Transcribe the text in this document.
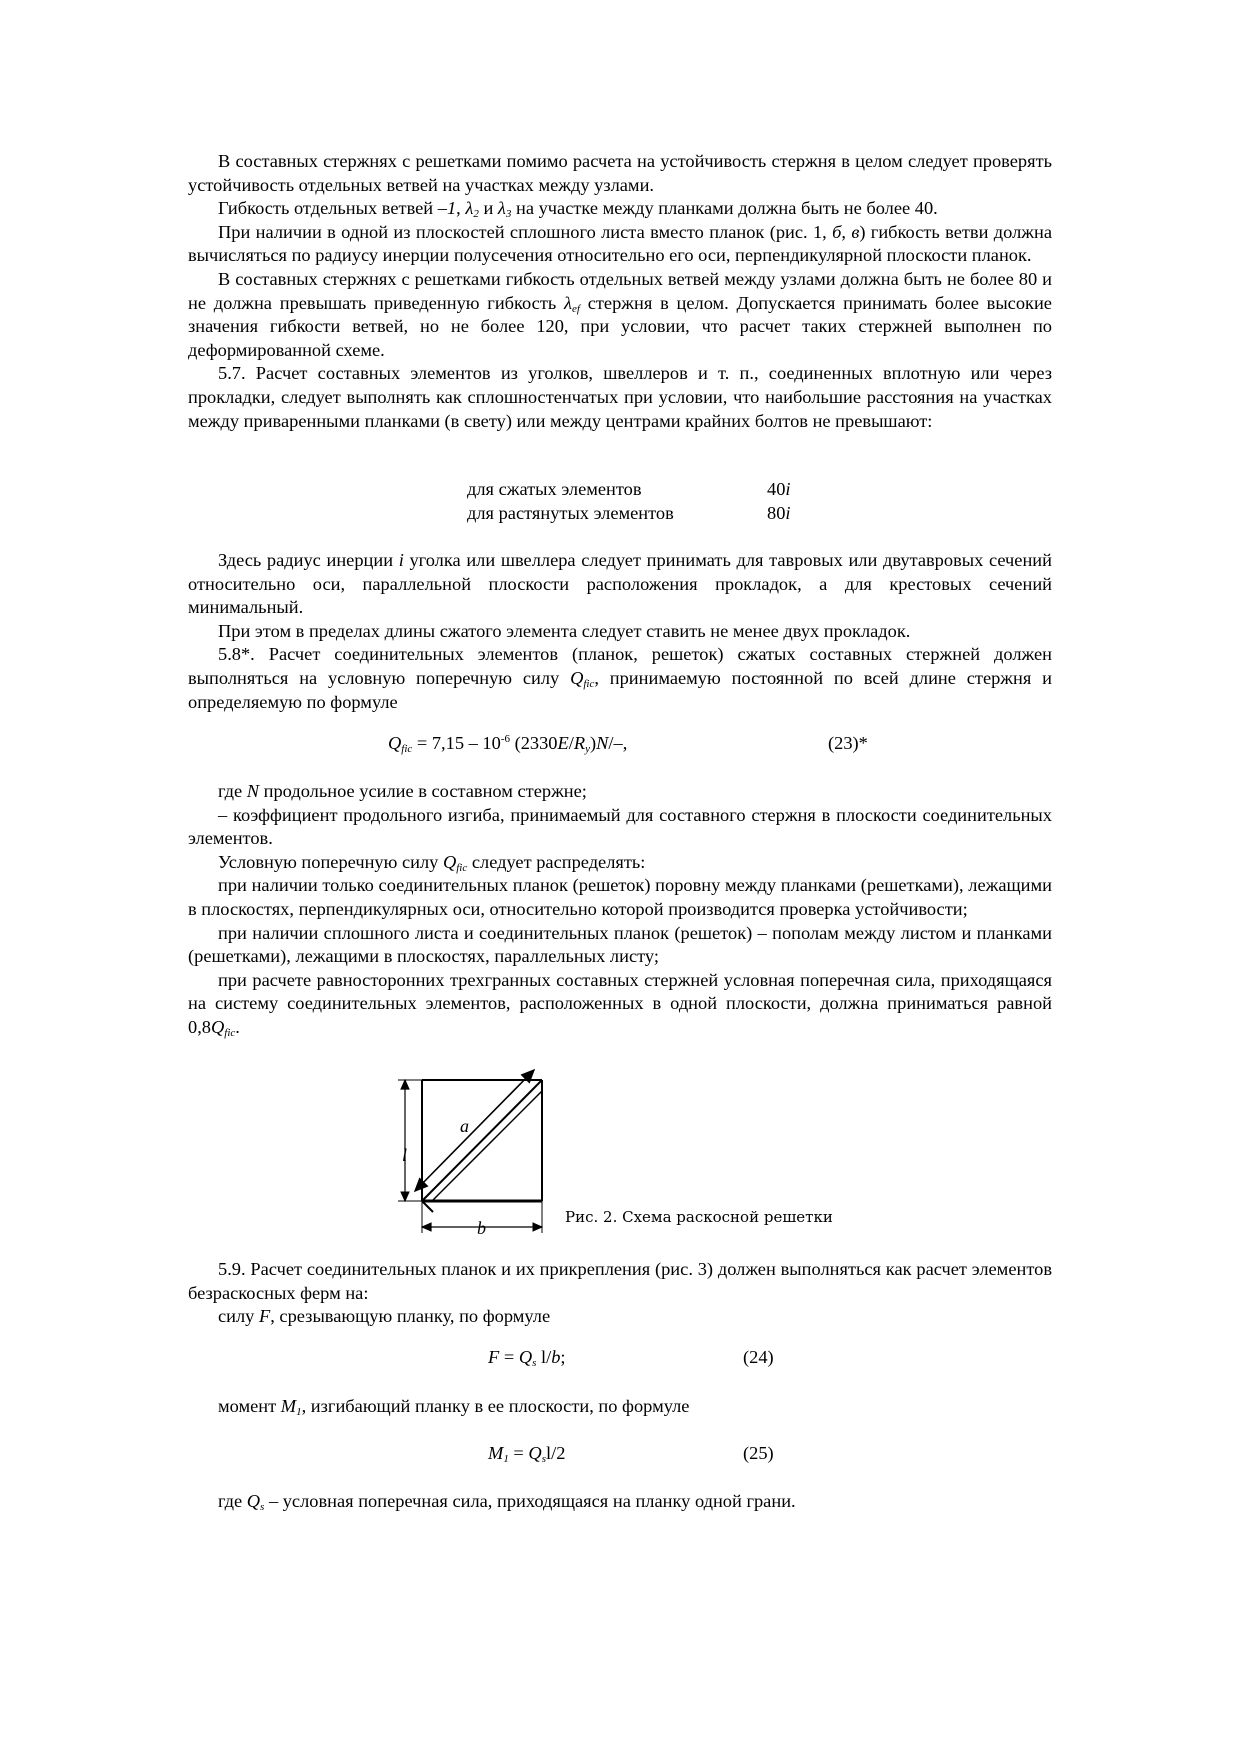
В составных стержнях с решетками помимо расчета на устойчивость стержня в целом следует проверять устойчивость отдельных ветвей на участках между узлами.

Гибкость отдельных ветвей –1, $\lambda_2$ и $\lambda_3$ на участке между планками должна быть не более 40.

При наличии в одной из плоскостей сплошного листа вместо планок (рис. 1, б, в) гибкость ветви должна вычисляться по радиусу инерции полусечения относительно его оси, перпендикулярной плоскости планок.

В составных стержнях с решетками гибкость отдельных ветвей между узлами должна быть не более 80 и не должна превышать приведенную гибкость $\lambda_{ef}$ стержня в целом. Допускается принимать более высокие значения гибкости ветвей, но не более 120, при условии, что расчет таких стержней выполнен по деформированной схеме.

5.7. Расчет составных элементов из уголков, швеллеров и т. п., соединенных вплотную или через прокладки, следует выполнять как сплошностенчатых при условии, что наибольшие расстояния на участках между приваренными планками (в свету) или между центрами крайних болтов не превышают:

для сжатых элементов	40i
для растянутых элементов	80i

Здесь радиус инерции i уголка или швеллера следует принимать для тавровых или двутавровых сечений относительно оси, параллельной плоскости расположения прокладок, а для крестовых сечений минимальный.

При этом в пределах длины сжатого элемента следует ставить не менее двух прокладок.

5.8*. Расчет соединительных элементов (планок, решеток) сжатых составных стержней должен выполняться на условную поперечную силу $Q_{fic}$, принимаемую постоянной по всей длине стержня и определяемую по формуле

$Q_{fic} = 7,15 - 10^{-6}$ $(2330E/R_y)N/-$,	(23)*

где N продольное усилие в составном стержне;

– коэффициент продольного изгиба, принимаемый для составного стержня в плоскости соединительных элементов.

Условную поперечную силу $Q_{fic}$ следует распределять:

при наличии только соединительных планок (решеток) поровну между планками (решетками), лежащими в плоскостях, перпендикулярных оси, относительно которой производится проверка устойчивости;

при наличии сплошного листа и соединительных планок (решеток) – пополам между листом и планками (решетками), лежащими в плоскостях, параллельных листу;

при расчете равносторонних трехгранных составных стержней условная поперечная сила, приходящаяся на систему соединительных элементов, расположенных в одной плоскости, должна приниматься равной $0,8Q_{fic}$.

a
l
b
Рис. 2. Схема раскосной решетки

5.9. Расчет соединительных планок и их прикрепления (рис. 3) должен выполняться как расчет элементов безраскосных ферм на:

силу F, срезывающую планку, по формуле

$F = Q_s$ l/b;	(24)

момент $M_1$, изгибающий планку в ее плоскости, по формуле

$M_1 = Q_sl/2$	(25)

где $Q_s$ – условная поперечная сила, приходящаяся на планку одной грани.
